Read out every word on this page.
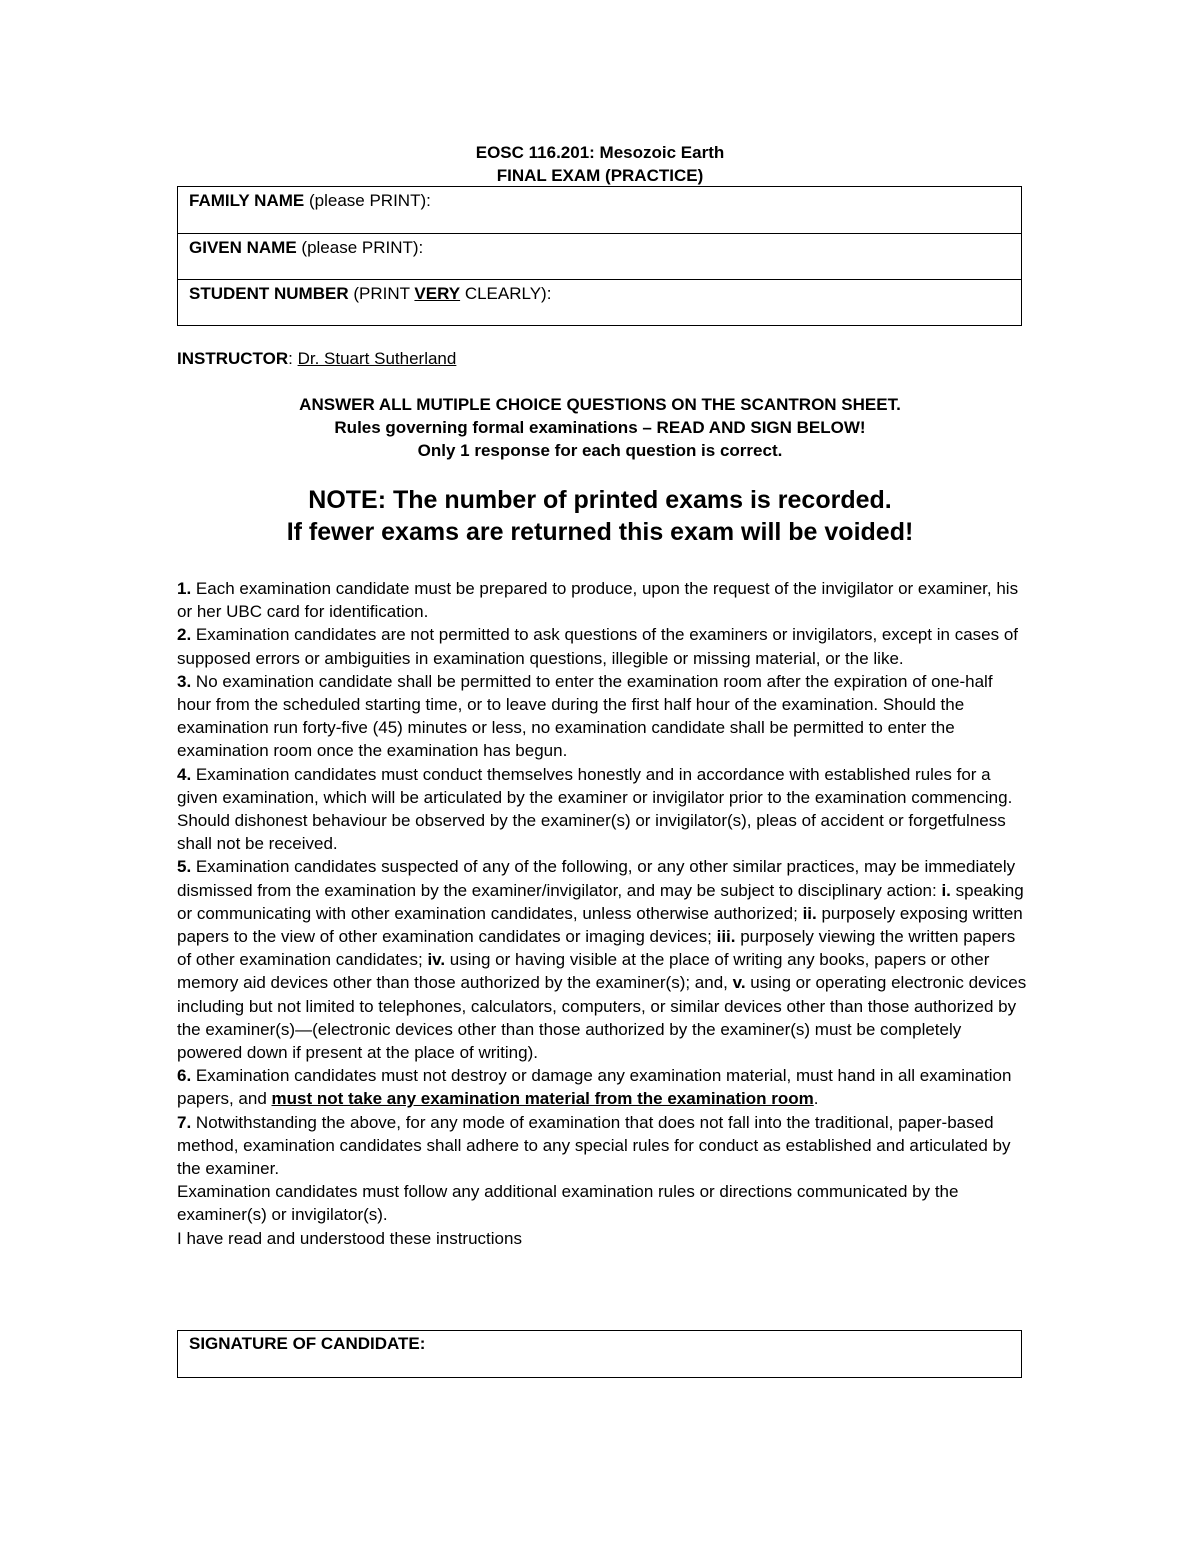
EOSC 116.201: Mesozoic Earth
FINAL EXAM (PRACTICE)
FAMILY NAME (please PRINT):
GIVEN NAME (please PRINT):
STUDENT NUMBER (PRINT VERY CLEARLY):
INSTRUCTOR: Dr. Stuart Sutherland
ANSWER ALL MUTIPLE CHOICE QUESTIONS ON THE SCANTRON SHEET.
Rules governing formal examinations – READ AND SIGN BELOW!
Only 1 response for each question is correct.
NOTE: The number of printed exams is recorded.
If fewer exams are returned this exam will be voided!

1. Each examination candidate must be prepared to produce, upon the request of the invigilator or examiner, his or her UBC card for identification.

2. Examination candidates are not permitted to ask questions of the examiners or invigilators, except in cases of supposed errors or ambiguities in examination questions, illegible or missing material, or the like.

3. No examination candidate shall be permitted to enter the examination room after the expiration of one-half hour from the scheduled starting time, or to leave during the first half hour of the examination. Should the examination run forty-five (45) minutes or less, no examination candidate shall be permitted to enter the examination room once the examination has begun.

4. Examination candidates must conduct themselves honestly and in accordance with established rules for a given examination, which will be articulated by the examiner or invigilator prior to the examination commencing. Should dishonest behaviour be observed by the examiner(s) or invigilator(s), pleas of accident or forgetfulness shall not be received.

5. Examination candidates suspected of any of the following, or any other similar practices, may be immediately dismissed from the examination by the examiner/invigilator, and may be subject to disciplinary action: i. speaking or communicating with other examination candidates, unless otherwise authorized; ii. purposely exposing written papers to the view of other examination candidates or imaging devices; iii. purposely viewing the written papers of other examination candidates; iv. using or having visible at the place of writing any books, papers or other memory aid devices other than those authorized by the examiner(s); and, v. using or operating electronic devices including but not limited to telephones, calculators, computers, or similar devices other than those authorized by the examiner(s)—(electronic devices other than those authorized by the examiner(s) must be completely powered down if present at the place of writing).

6. Examination candidates must not destroy or damage any examination material, must hand in all examination papers, and must not take any examination material from the examination room.

7. Notwithstanding the above, for any mode of examination that does not fall into the traditional, paper-based method, examination candidates shall adhere to any special rules for conduct as established and articulated by the examiner.

Examination candidates must follow any additional examination rules or directions communicated by the examiner(s) or invigilator(s).

I have read and understood these instructions

SIGNATURE OF CANDIDATE:
